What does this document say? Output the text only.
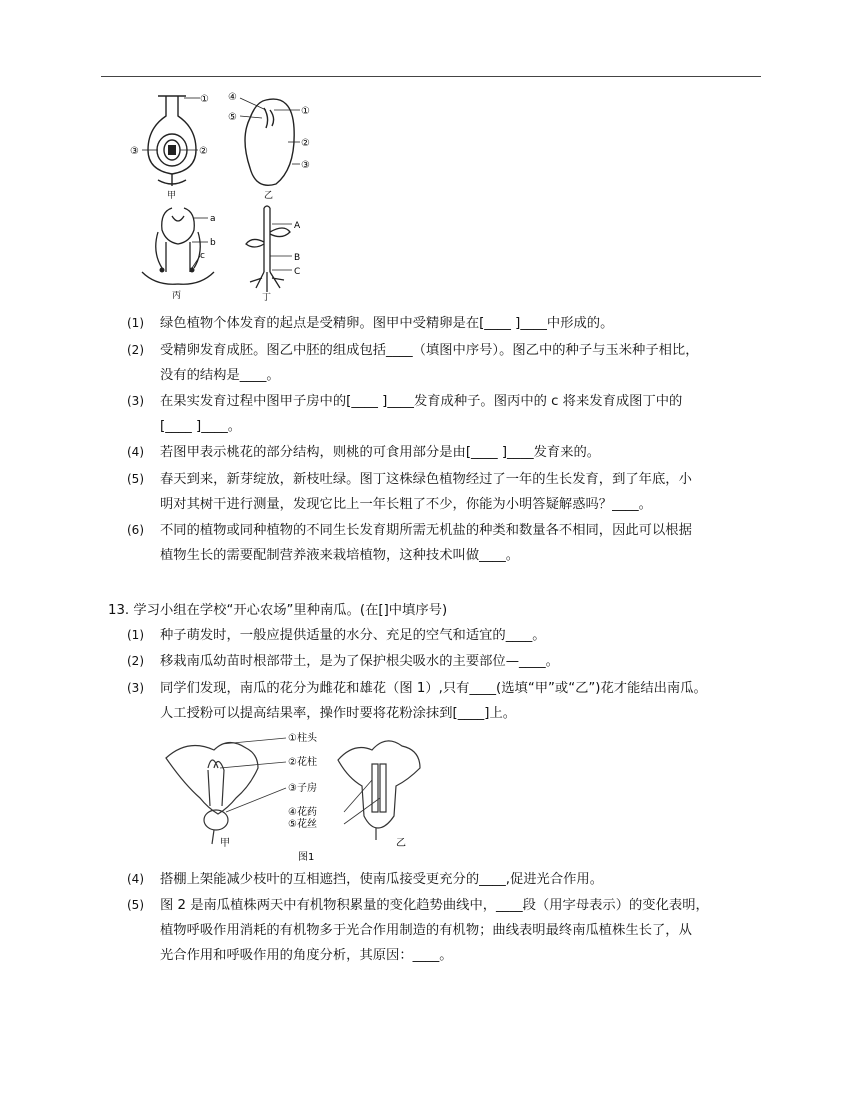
①
②
③
甲
④
⑤
①
②
③
乙
a
b
c
丙
A
B
C
丁
(1)	绿色植物个体发育的起点是受精卵。图甲中受精卵是在[____ ]____中形成的。
(2)	受精卵发育成胚。图乙中胚的组成包括____（填图中序号）。图乙中的种子与玉米种子相比，
没有的结构是____。
(3)	在果实发育过程中图甲子房中的[____ ]____发育成种子。图丙中的 c 将来发育成图丁中的
[____ ]____。
(4)	若图甲表示桃花的部分结构，则桃的可食用部分是由[____ ]____发育来的。
(5)	春天到来，新芽绽放，新枝吐绿。图丁这株绿色植物经过了一年的生长发育，到了年底，小
明对其树干进行测量，发现它比上一年长粗了不少，你能为小明答疑解惑吗？____。
(6)	不同的植物或同种植物的不同生长发育期所需无机盐的种类和数量各不相同，因此可以根据
植物生长的需要配制营养液来栽培植物，这种技术叫做____。
13. 学习小组在学校“开心农场”里种南瓜。(在[]中填序号)
(1)	种子萌发时，一般应提供适量的水分、充足的空气和适宜的____。
(2)	移栽南瓜幼苗时根部带土，是为了保护根尖吸水的主要部位—____。
(3)	同学们发现，南瓜的花分为雌花和雄花（图 1）,只有____(选填“甲”或“乙”)花才能结出南瓜。
人工授粉可以提高结果率，操作时要将花粉涂抹到[____]上。
①柱头
②花柱
③子房
④花药
⑤花丝
甲	乙
图1
(4)	搭棚上架能减少枝叶的互相遮挡，使南瓜接受更充分的____,促进光合作用。
(5)	图 2 是南瓜植株两天中有机物积累量的变化趋势曲线中，____段（用字母表示）的变化表明，
植物呼吸作用消耗的有机物多于光合作用制造的有机物；曲线表明最终南瓜植株生长了，从
光合作用和呼吸作用的角度分析，其原因：____。
